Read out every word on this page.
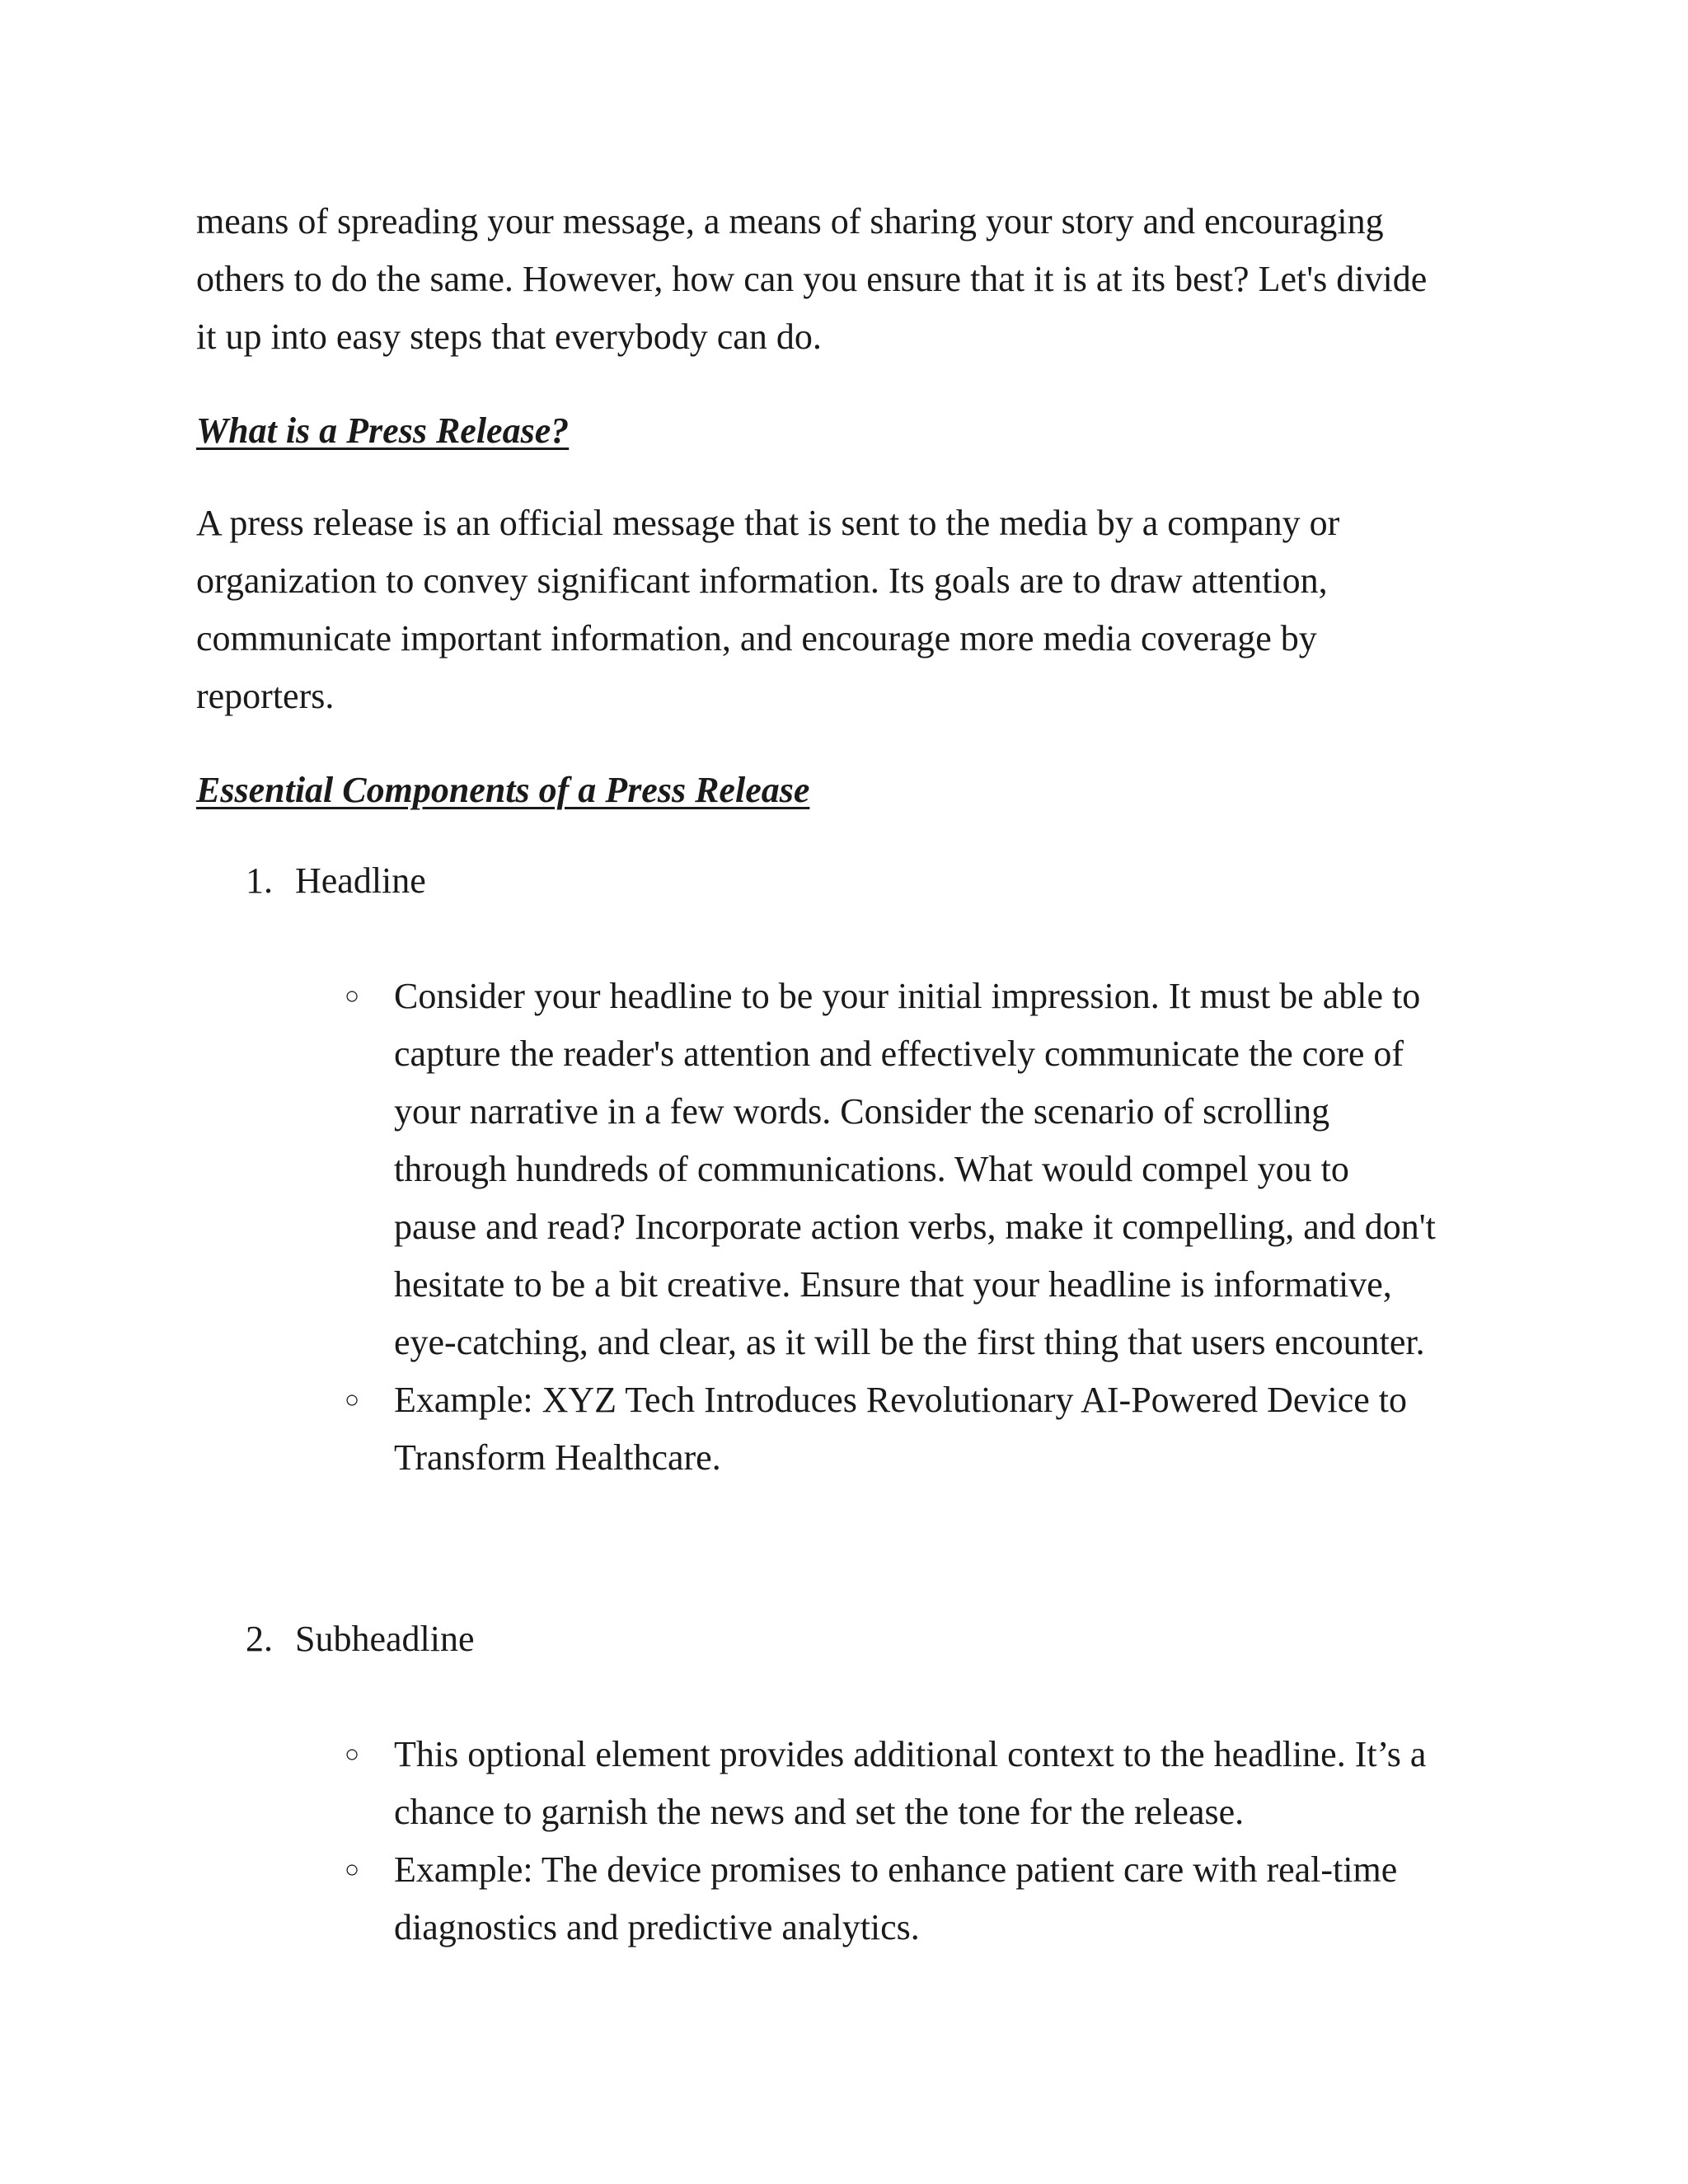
means of spreading your message, a means of sharing your story and encouraging
others to do the same. However, how can you ensure that it is at its best? Let's divide
it up into easy steps that everybody can do.
What is a Press Release?
A press release is an official message that is sent to the media by a company or
organization to convey significant information. Its goals are to draw attention,
communicate important information, and encourage more media coverage by
reporters.
Essential Components of a Press Release
1. Headline
○ Consider your headline to be your initial impression. It must be able to
capture the reader's attention and effectively communicate the core of
your narrative in a few words. Consider the scenario of scrolling
through hundreds of communications. What would compel you to
pause and read? Incorporate action verbs, make it compelling, and don't
hesitate to be a bit creative. Ensure that your headline is informative,
eye-catching, and clear, as it will be the first thing that users encounter.
○ Example: XYZ Tech Introduces Revolutionary AI-Powered Device to
Transform Healthcare.
2. Subheadline
○ This optional element provides additional context to the headline. It’s a
chance to garnish the news and set the tone for the release.
○ Example: The device promises to enhance patient care with real-time
diagnostics and predictive analytics.
